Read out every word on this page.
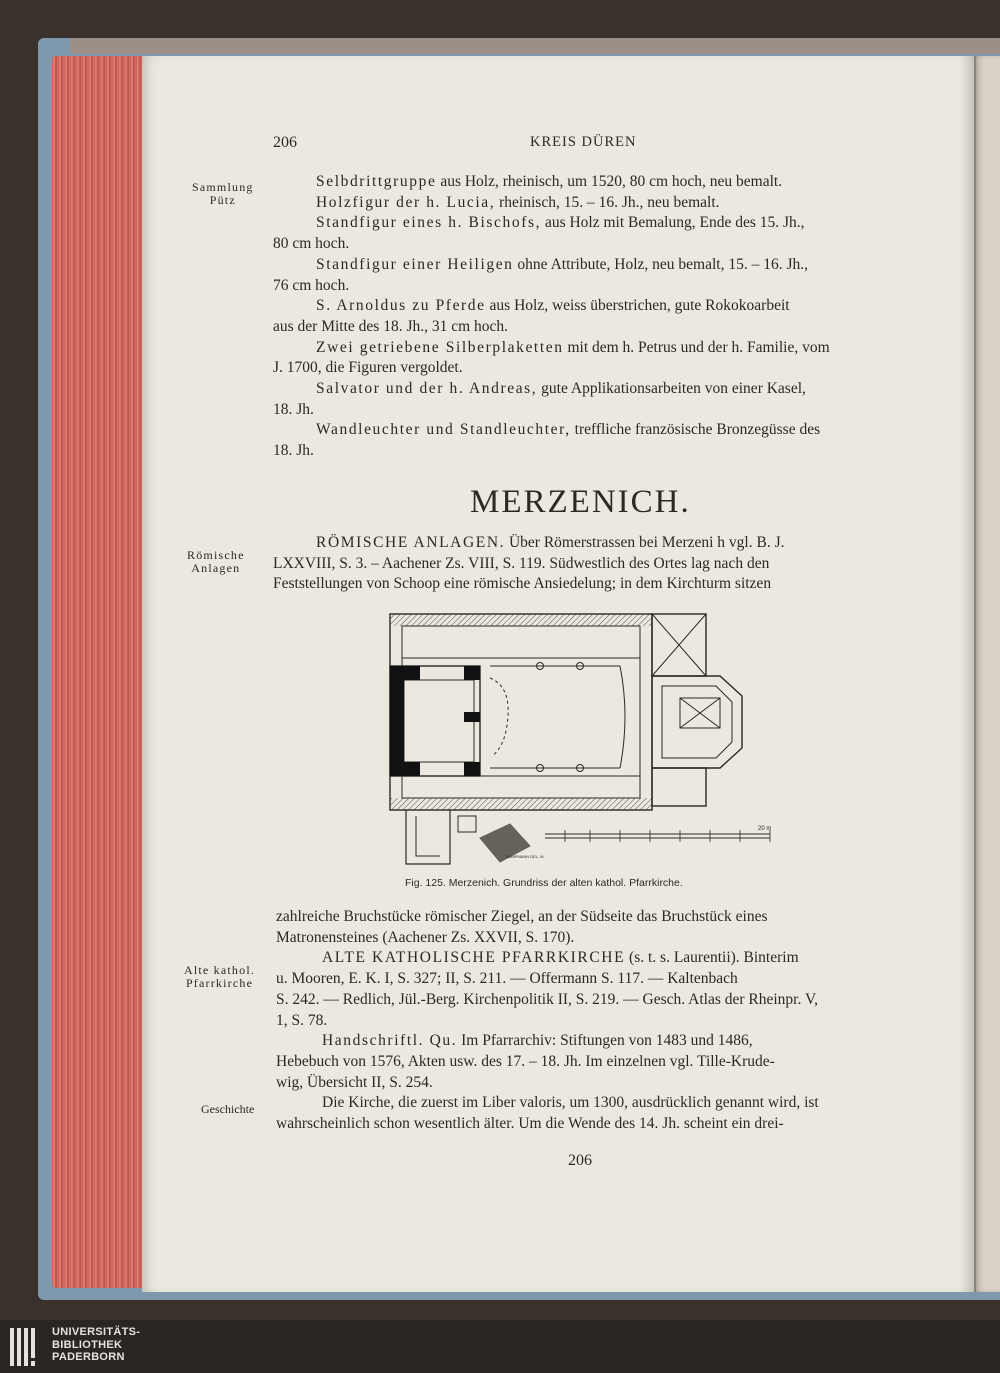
206	KREIS DÜREN
Sammlung
Pütz
Römische
Anlagen
Alte kathol.
Pfarrkirche
Geschichte
Selbdrittgruppe aus Holz, rheinisch, um 1520, 80 cm hoch, neu bemalt.
Holzfigur der h. Lucia, rheinisch, 15. – 16. Jh., neu bemalt.
Standfigur eines h. Bischofs, aus Holz mit Bemalung, Ende des 15. Jh.,
80 cm hoch.
Standfigur einer Heiligen ohne Attribute, Holz, neu bemalt, 15. – 16. Jh.,
76 cm hoch.
S. Arnoldus zu Pferde aus Holz, weiss überstrichen, gute Rokokoarbeit
aus der Mitte des 18. Jh., 31 cm hoch.
Zwei getriebene Silberplaketten mit dem h. Petrus und der h. Familie, vom
J. 1700, die Figuren vergoldet.
Salvator und der h. Andreas, gute Applikationsarbeiten von einer Kasel,
18. Jh.
Wandleuchter und Standleuchter, treffliche französische Bronzegüsse des
18. Jh.
MERZENICH.
RÖMISCHE ANLAGEN. Über Römerstrassen bei Merzeni h vgl. B. J.
LXXVIII, S. 3. – Aachener Zs. VIII, S. 119. Südwestlich des Ortes lag nach den
Feststellungen von Schoop eine römische Ansiedelung; in dem Kirchturm sitzen
20 m
KAMPMANN DEL. M
Fig. 125. Merzenich. Grundriss der alten kathol. Pfarrkirche.
zahlreiche Bruchstücke römischer Ziegel, an der Südseite das Bruchstück eines
Matronensteines (Aachener Zs. XXVII, S. 170).
ALTE KATHOLISCHE PFARRKIRCHE (s. t. s. Laurentii). Binterim
u. Mooren, E. K. I, S. 327; II, S. 211. — Offermann S. 117. — Kaltenbach
S. 242. — Redlich, Jül.-Berg. Kirchenpolitik II, S. 219. — Gesch. Atlas der Rheinpr. V,
1, S. 78.
Handschriftl. Qu. Im Pfarrarchiv: Stiftungen von 1483 und 1486,
Hebebuch von 1576, Akten usw. des 17. – 18. Jh. Im einzelnen vgl. Tille-Krude-
wig, Übersicht II, S. 254.
Die Kirche, die zuerst im Liber valoris, um 1300, ausdrücklich genannt wird, ist
wahrscheinlich schon wesentlich älter. Um die Wende des 14. Jh. scheint ein drei-
206
UNIVERSITÄTS-
BIBLIOTHEK
PADERBORN
